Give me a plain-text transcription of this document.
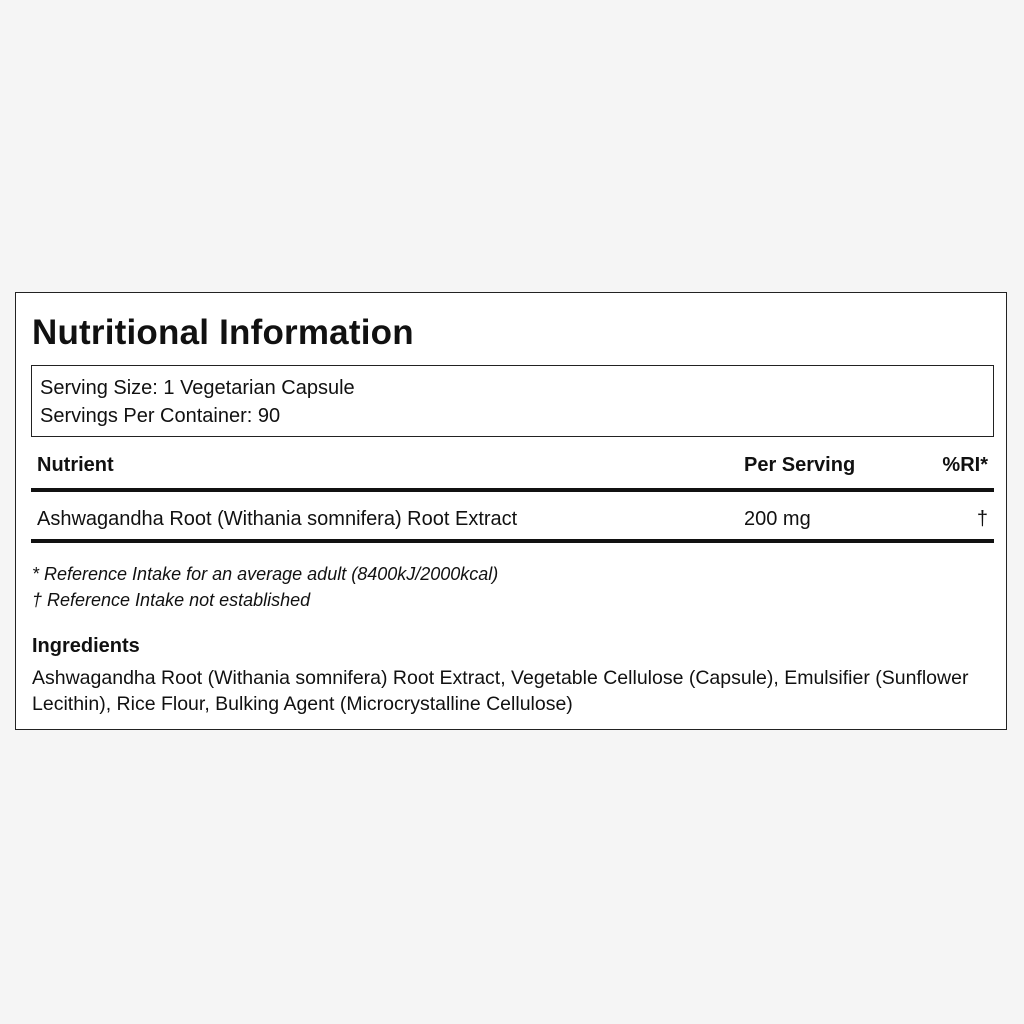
Nutritional Information
Serving Size: 1 Vegetarian Capsule
Servings Per Container: 90
Nutrient	Per Serving	%RI*
Ashwagandha Root (Withania somnifera) Root Extract	200 mg	†
* Reference Intake for an average adult (8400kJ/2000kcal)
† Reference Intake not established
Ingredients

Ashwagandha Root (Withania somnifera) Root Extract, Vegetable Cellulose (Capsule), Emulsifier (Sunflower Lecithin), Rice Flour, Bulking Agent (Microcrystalline Cellulose)
